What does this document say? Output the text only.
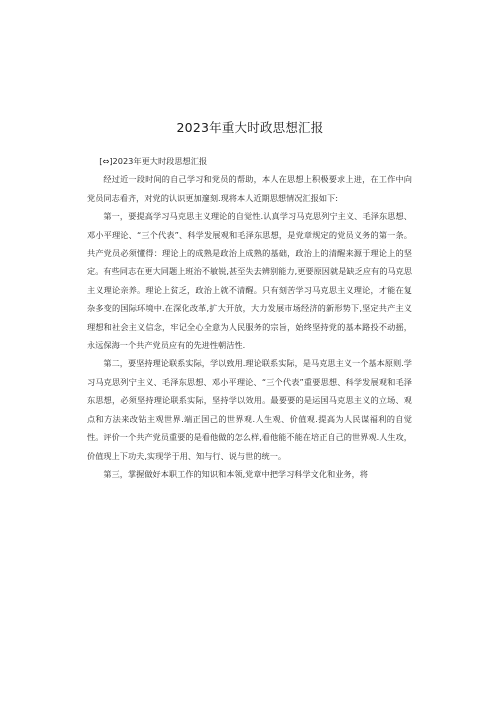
2023年重大时政思想汇报

[⇔]2023年更大时段思想汇报

经过近一段时间的自己学习和党员的帮助，本人在思想上积极要求上进，在工作中向党员同志看齐，对党的认识更加邃刻.现将本人近期思想情况汇报如下:

第一，要提高学习马克思主义理论的自觉性.认真学习马克思列宁主义、毛泽东思想、邓小平理论、“三个代表”、科学发展观和毛泽东思想，是党章规定的党员义务的第一条。共产党员必须懂得：理论上的成熟是政治上成熟的基础，政治上的清醒来源于理论上的坚定。有些同志在更大同题上班治不敏锐,甚至失去辨别能力,更要原因就是缺乏应有的马克思主义理论亲养。理论上贫乏，政治上就不清醒。只有刻苦学习马克思主义理论，才能在复杂多变的国际环境中.在深化改革,扩大开放，大力发展市场经济的新形势下,坚定共产主义理想和社会主义信念，牢记全心全意为人民服务的宗旨，始终坚持党的基本路投不动摇，永远保海一个共产党员应有的先进性朝洁性.

第二，要坚持理论联系实际，学以致用.理论联系实际，是马克思主义一个基本原则.学习马克思列宁主义、毛泽东思想、邓小平理论、“三个代表”重要思想、科学发展观和毛泽东思想，必须坚持理论联系实际，坚持学以效用。最要要的是运国马克思主义的立场、观点和方法来改钻主观世界.端正国己的世界观.人生观、价值观.提高为人民谋福利的自觉性。评价一个共产党员重要的是看他做的怎么样,看他能不能在培正自己的世界观.人生攻，价值现上下功夫,实现学于用、知与行、说与世的统一。

第三，掌握做好本职工作的知识和本领,党章中把学习科学文化和业务，将
